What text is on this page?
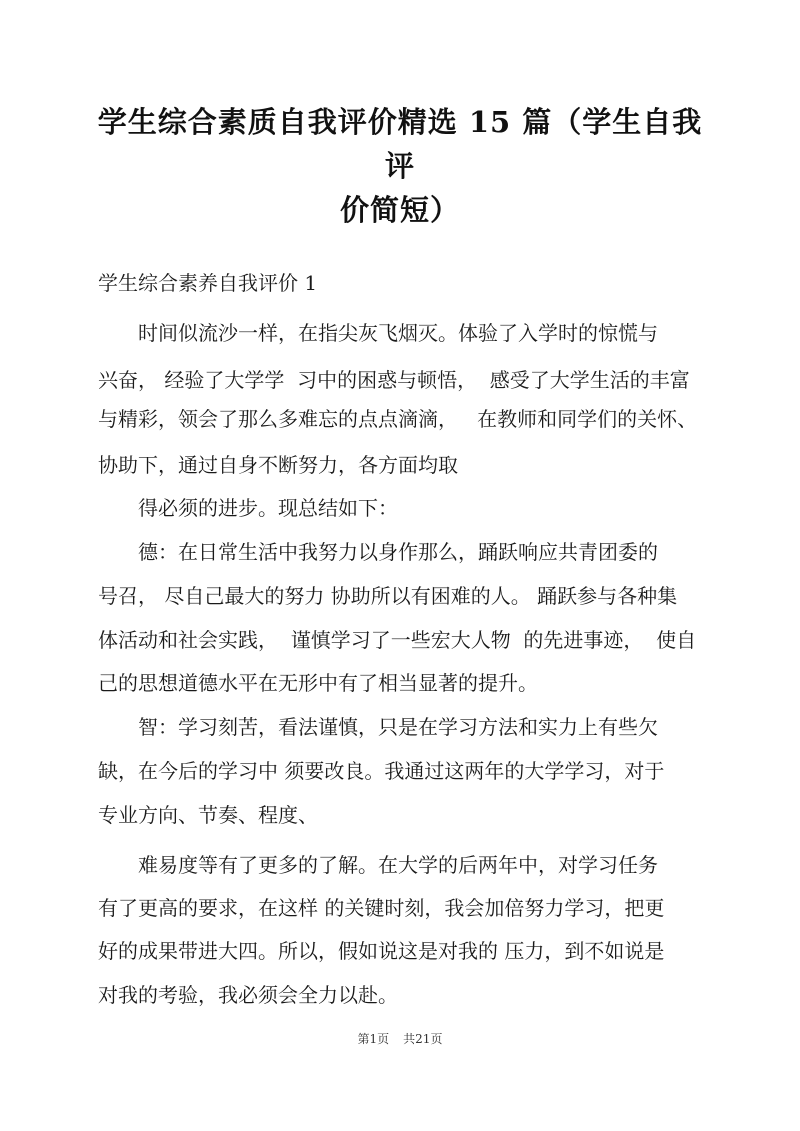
学生综合素质自我评价精选 15 篇（学生自我评
价简短）
学生综合素养自我评价 1
　　时间似流沙一样，在指尖灰飞烟灭。体验了入学时的惊慌与
兴奋， 经验了大学学  习中的困惑与顿悟，  感受了大学生活的丰富
与精彩，领会了那么多难忘的点点滴滴，   在教师和同学们的关怀、
协助下，通过自身不断努力，各方面均取
　　得必须的进步。现总结如下：
　　德：在日常生活中我努力以身作那么，踊跃响应共青团委的
号召， 尽自己最大的努力 协助所以有困难的人。 踊跃参与各种集
体活动和社会实践，  谨慎学习了一些宏大人物  的先进事迹，  使自
己的思想道德水平在无形中有了相当显著的提升。
　　智：学习刻苦，看法谨慎，只是在学习方法和实力上有些欠
缺，在今后的学习中 须要改良。我通过这两年的大学学习，对于
专业方向、节奏、程度、
　　难易度等有了更多的了解。在大学的后两年中，对学习任务
有了更高的要求，在这样 的关键时刻，我会加倍努力学习，把更
好的成果带进大四。所以，假如说这是对我的 压力，到不如说是
对我的考验，我必须会全力以赴。
第1页 共21页
